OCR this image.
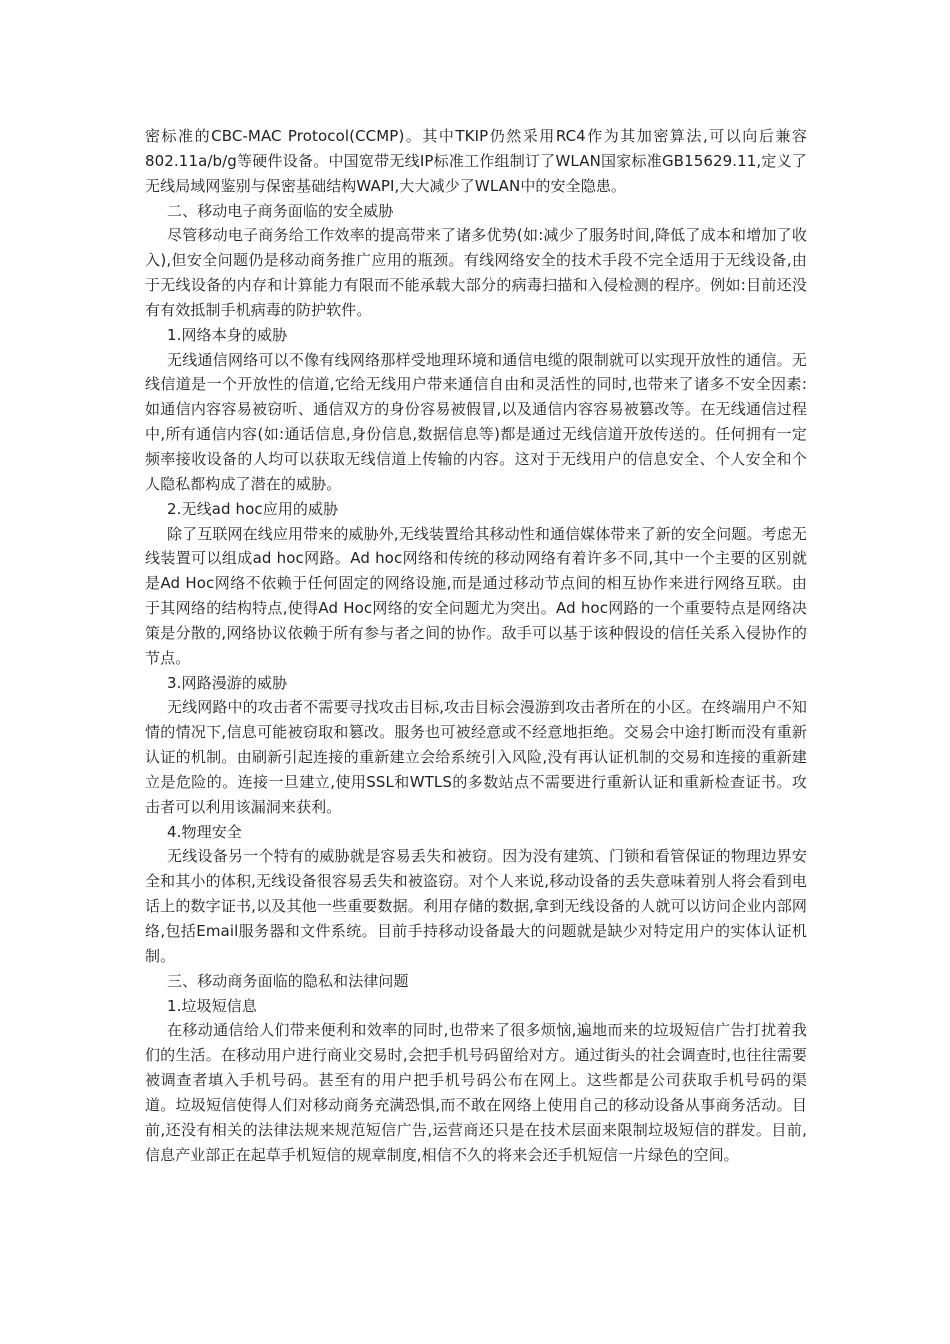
密标准的CBC-MAC Protocol(CCMP)。其中TKIP仍然采用RC4作为其加密算法,可以向后兼容802.11a/b/g等硬件设备。中国宽带无线IP标准工作组制订了WLAN国家标准GB15629.11,定义了无线局域网鉴别与保密基础结构WAPI,大大减少了WLAN中的安全隐患。

二、移动电子商务面临的安全威胁

尽管移动电子商务给工作效率的提高带来了诸多优势(如:减少了服务时间,降低了成本和增加了收入),但安全问题仍是移动商务推广应用的瓶颈。有线网络安全的技术手段不完全适用于无线设备,由于无线设备的内存和计算能力有限而不能承载大部分的病毒扫描和入侵检测的程序。例如:目前还没有有效抵制手机病毒的防护软件。

1.网络本身的威胁

无线通信网络可以不像有线网络那样受地理环境和通信电缆的限制就可以实现开放性的通信。无线信道是一个开放性的信道,它给无线用户带来通信自由和灵活性的同时,也带来了诸多不安全因素:如通信内容容易被窃听、通信双方的身份容易被假冒,以及通信内容容易被篡改等。在无线通信过程中,所有通信内容(如:通话信息,身份信息,数据信息等)都是通过无线信道开放传送的。任何拥有一定频率接收设备的人均可以获取无线信道上传输的内容。这对于无线用户的信息安全、个人安全和个人隐私都构成了潜在的威胁。

2.无线ad hoc应用的威胁

除了互联网在线应用带来的威胁外,无线装置给其移动性和通信媒体带来了新的安全问题。考虑无线装置可以组成ad hoc网路。Ad hoc网络和传统的移动网络有着许多不同,其中一个主要的区别就是Ad Hoc网络不依赖于任何固定的网络设施,而是通过移动节点间的相互协作来进行网络互联。由于其网络的结构特点,使得Ad Hoc网络的安全问题尤为突出。Ad hoc网路的一个重要特点是网络决策是分散的,网络协议依赖于所有参与者之间的协作。敌手可以基于该种假设的信任关系入侵协作的节点。

3.网路漫游的威胁

无线网路中的攻击者不需要寻找攻击目标,攻击目标会漫游到攻击者所在的小区。在终端用户不知情的情况下,信息可能被窃取和篡改。服务也可被经意或不经意地拒绝。交易会中途打断而没有重新认证的机制。由刷新引起连接的重新建立会给系统引入风险,没有再认证机制的交易和连接的重新建立是危险的。连接一旦建立,使用SSL和WTLS的多数站点不需要进行重新认证和重新检查证书。攻击者可以利用该漏洞来获利。

4.物理安全

无线设备另一个特有的威胁就是容易丢失和被窃。因为没有建筑、门锁和看管保证的物理边界安全和其小的体积,无线设备很容易丢失和被盗窃。对个人来说,移动设备的丢失意味着别人将会看到电话上的数字证书,以及其他一些重要数据。利用存储的数据,拿到无线设备的人就可以访问企业内部网络,包括Email服务器和文件系统。目前手持移动设备最大的问题就是缺少对特定用户的实体认证机制。

三、移动商务面临的隐私和法律问题

1.垃圾短信息

在移动通信给人们带来便利和效率的同时,也带来了很多烦恼,遍地而来的垃圾短信广告打扰着我们的生活。在移动用户进行商业交易时,会把手机号码留给对方。通过街头的社会调查时,也往往需要被调查者填入手机号码。甚至有的用户把手机号码公布在网上。这些都是公司获取手机号码的渠道。垃圾短信使得人们对移动商务充满恐惧,而不敢在网络上使用自己的移动设备从事商务活动。目前,还没有相关的法律法规来规范短信广告,运营商还只是在技术层面来限制垃圾短信的群发。目前,信息产业部正在起草手机短信的规章制度,相信不久的将来会还手机短信一片绿色的空间。
